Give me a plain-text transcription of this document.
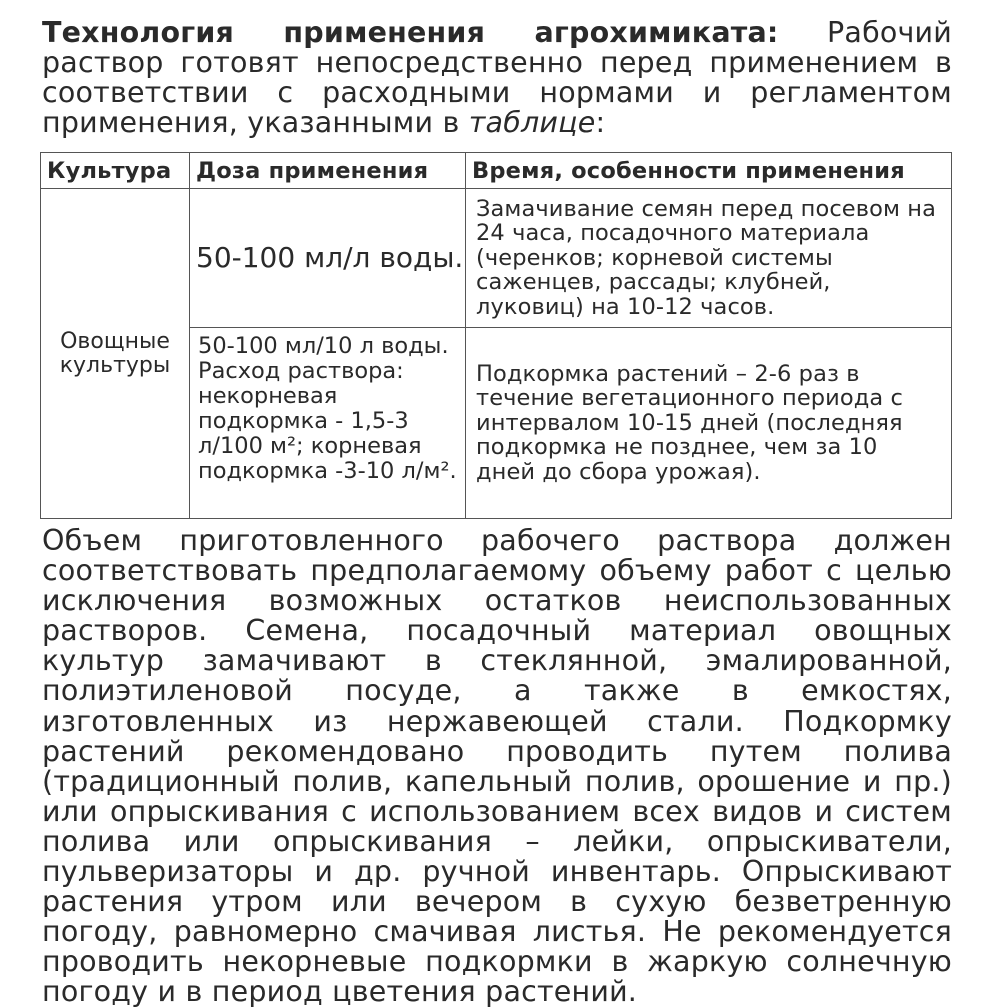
Технология применения агрохимиката: Рабочий раствор готовят непосредственно перед применением в соответствии с расходными нормами и регламентом применения, указанными в таблице:

Культура	Доза применения	Время, особенности применения
Овощные культуры	50-100 мл/л воды.	Замачивание семян перед посевом на 24 часа, посадочного материала (черенков; корневой системы саженцев, рассады; клубней, луковиц) на 10-12 часов.
	50-100 мл/10 л воды. Расход раствора: некорневая подкормка - 1,5-3 л/100 м²; корневая подкормка -3-10 л/м².	Подкормка растений – 2-6 раз в течение вегетационного периода с интервалом 10-15 дней (последняя подкормка не позднее, чем за 10 дней до сбора урожая).

Объем приготовленного рабочего раствора должен соответствовать предполагаемому объему работ с целью исключения возможных остатков неиспользованных растворов. Семена, посадочный материал овощных культур замачивают в стеклянной, эмалированной, полиэтиленовой посуде, а также в емкостях, изготовленных из нержавеющей стали. Подкормку растений рекомендовано проводить путем полива (традиционный полив, капельный полив, орошение и пр.) или опрыскивания с использованием всех видов и систем полива или опрыскивания – лейки, опрыскиватели, пульверизаторы и др. ручной инвентарь. Опрыскивают растения утром или вечером в сухую безветренную погоду, равномерно смачивая листья. Не рекомендуется проводить некорневые подкормки в жаркую солнечную погоду и в период цветения растений.
